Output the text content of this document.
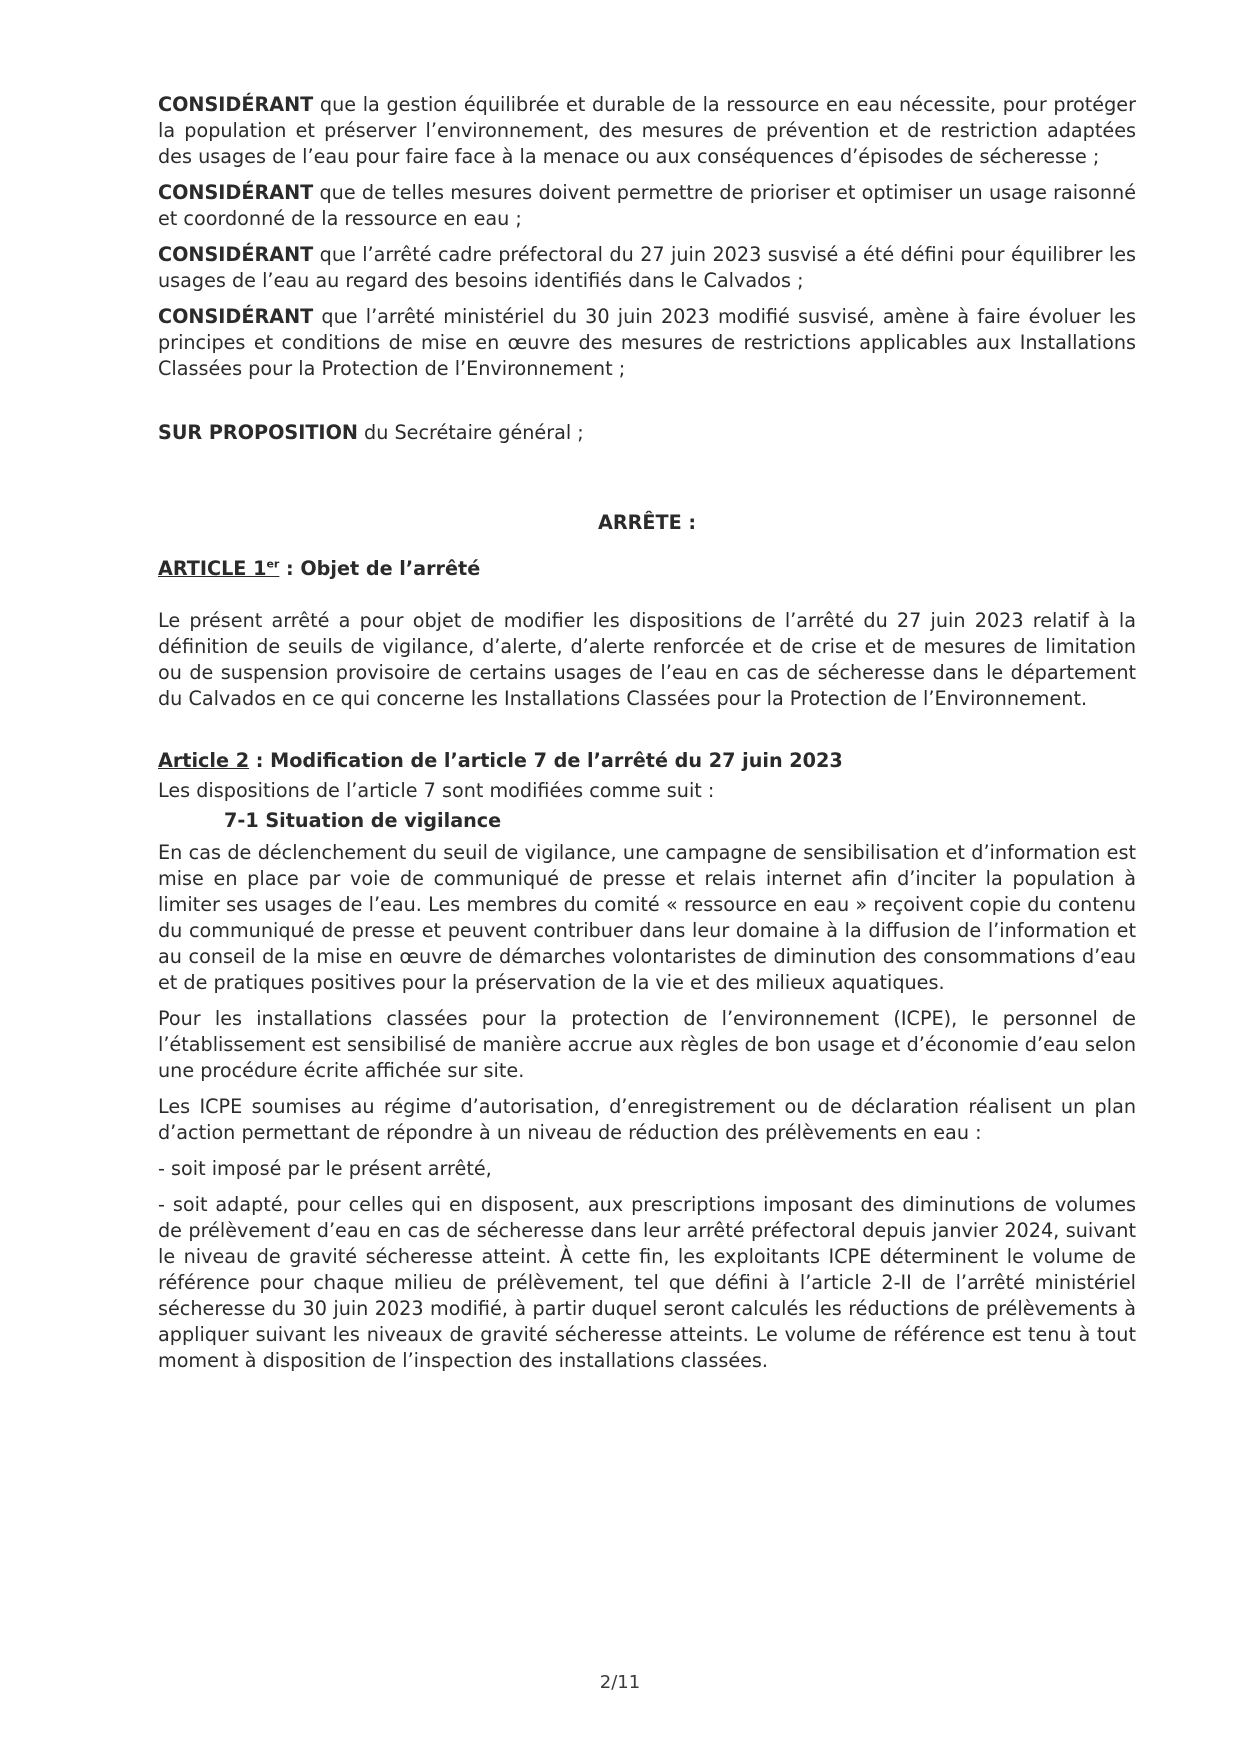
CONSIDÉRANT que la gestion équilibrée et durable de la ressource en eau nécessite, pour protéger la population et préserver l’environnement, des mesures de prévention et de restriction adaptées des usages de l’eau pour faire face à la menace ou aux conséquences d’épisodes de sécheresse ;

CONSIDÉRANT que de telles mesures doivent permettre de prioriser et optimiser un usage raisonné et coordonné de la ressource en eau ;

CONSIDÉRANT que l’arrêté cadre préfectoral du 27 juin 2023 susvisé a été défini pour équilibrer les usages de l’eau au regard des besoins identifiés dans le Calvados ;

CONSIDÉRANT que l’arrêté ministériel du 30 juin 2023 modifié susvisé, amène à faire évoluer les principes et conditions de mise en œuvre des mesures de restrictions applicables aux Installations Classées pour la Protection de l’Environnement ;

SUR PROPOSITION du Secrétaire général ;

ARRÊTE :

ARTICLE 1er : Objet de l’arrêté

Le présent arrêté a pour objet de modifier les dispositions de l’arrêté du 27 juin 2023 relatif à la définition de seuils de vigilance, d’alerte, d’alerte renforcée et de crise et de mesures de limitation ou de suspension provisoire de certains usages de l’eau en cas de sécheresse dans le département du Calvados en ce qui concerne les Installations Classées pour la Protection de l’Environnement.

Article 2 : Modification de l’article 7 de l’arrêté du 27 juin 2023

Les dispositions de l’article 7 sont modifiées comme suit :

7-1 Situation de vigilance

En cas de déclenchement du seuil de vigilance, une campagne de sensibilisation et d’information est mise en place par voie de communiqué de presse et relais internet afin d’inciter la population à limiter ses usages de l’eau. Les membres du comité « ressource en eau » reçoivent copie du contenu du communiqué de presse et peuvent contribuer dans leur domaine à la diffusion de l’information et au conseil de la mise en œuvre de démarches volontaristes de diminution des consommations d’eau et de pratiques positives pour la préservation de la vie et des milieux aquatiques.

Pour les installations classées pour la protection de l’environnement (ICPE), le personnel de l’établissement est sensibilisé de manière accrue aux règles de bon usage et d’économie d’eau selon une procédure écrite affichée sur site.

Les ICPE soumises au régime d’autorisation, d’enregistrement ou de déclaration réalisent un plan d’action permettant de répondre à un niveau de réduction des prélèvements en eau :

- soit imposé par le présent arrêté,

- soit adapté, pour celles qui en disposent, aux prescriptions imposant des diminutions de volumes de prélèvement d’eau en cas de sécheresse dans leur arrêté préfectoral depuis janvier 2024, suivant le niveau de gravité sécheresse atteint. À cette fin, les exploitants ICPE déterminent le volume de référence pour chaque milieu de prélèvement, tel que défini à l’article 2-II de l’arrêté ministériel sécheresse du 30 juin 2023 modifié, à partir duquel seront calculés les réductions de prélèvements à appliquer suivant les niveaux de gravité sécheresse atteints. Le volume de référence est tenu à tout moment à disposition de l’inspection des installations classées.

2/11
